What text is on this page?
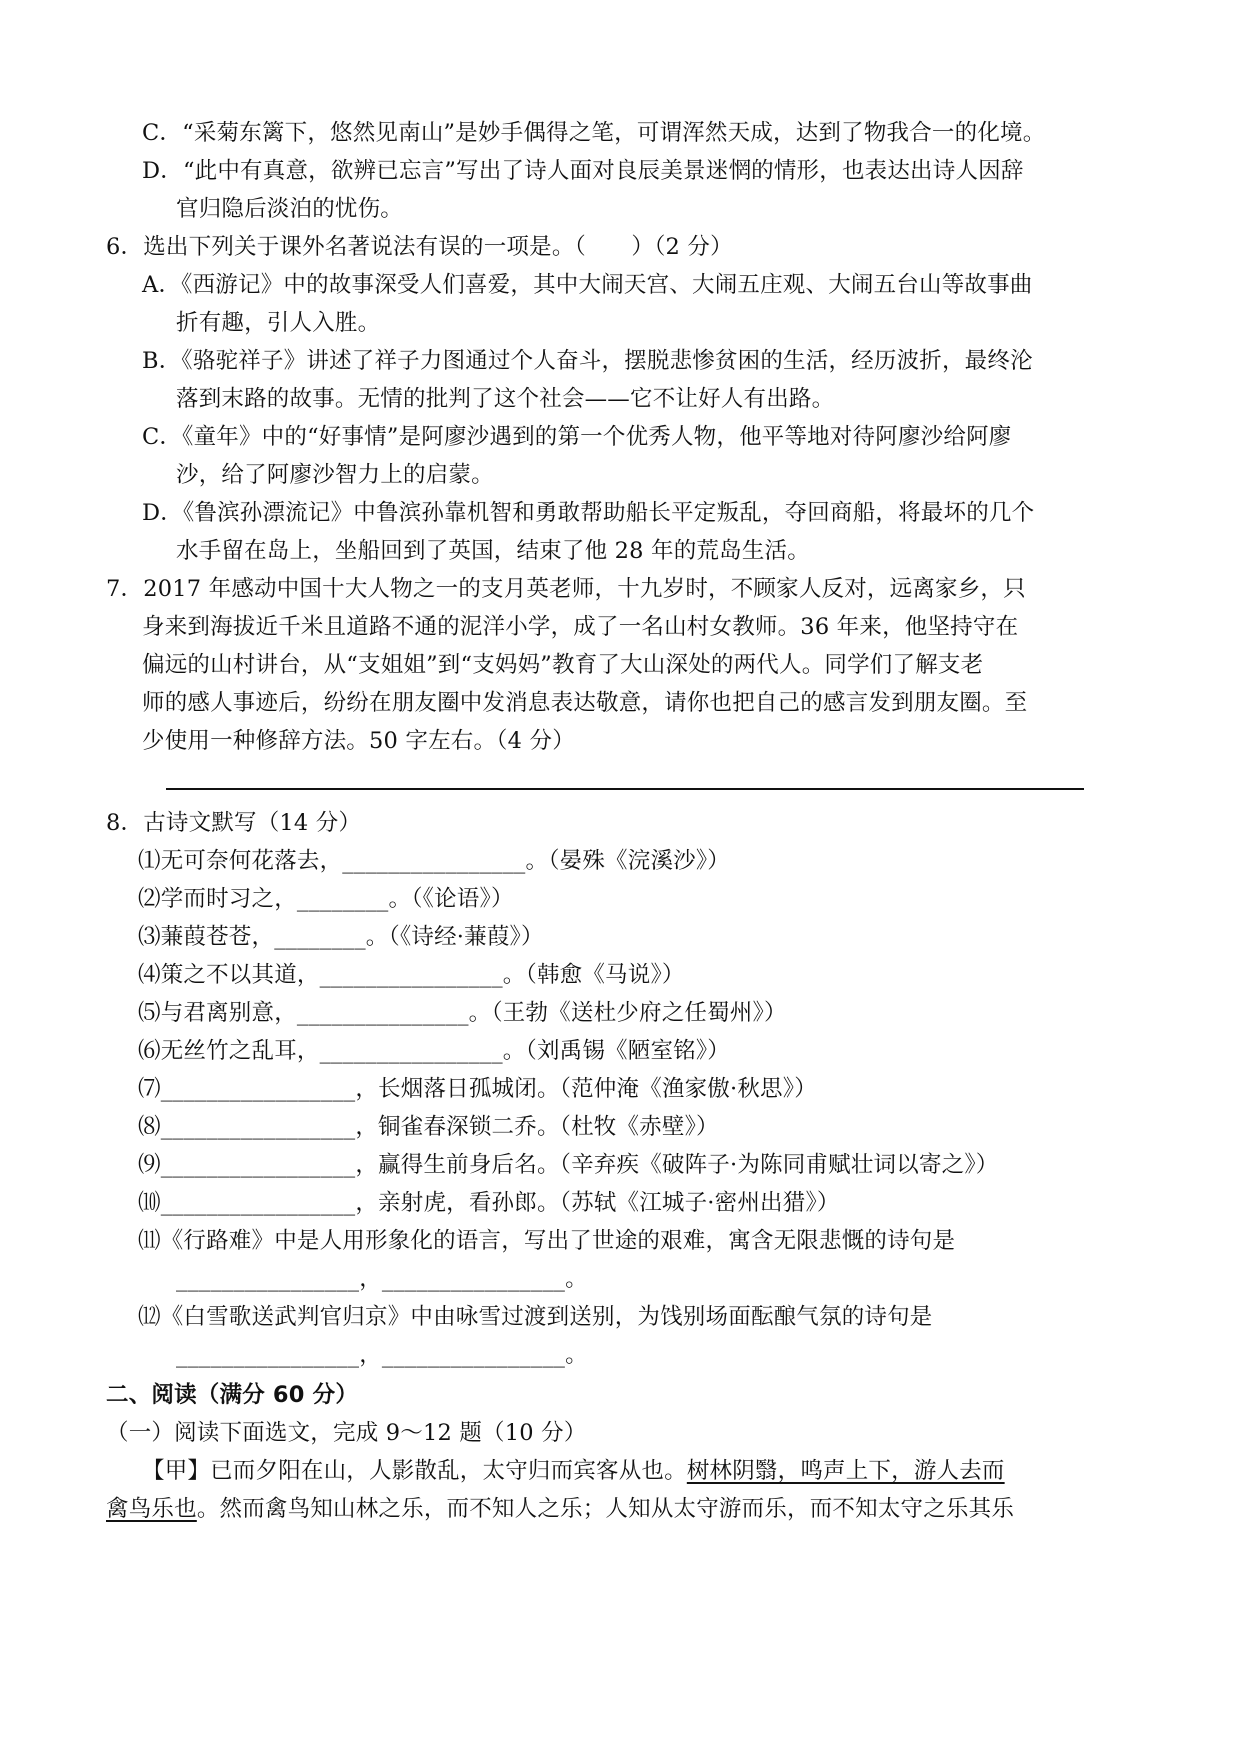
C．“采菊东篱下，悠然见南山”是妙手偶得之笔，可谓浑然天成，达到了物我合一的化境。
D．“此中有真意，欲辨已忘言”写出了诗人面对良辰美景迷惘的情形，也表达出诗人因辞
官归隐后淡泊的忧伤。
6．选出下列关于课外名著说法有误的一项是。（　　）（2 分）
A．《西游记》中的故事深受人们喜爱，其中大闹天宫、大闹五庄观、大闹五台山等故事曲
折有趣，引人入胜。
B．《骆驼祥子》讲述了祥子力图通过个人奋斗，摆脱悲惨贫困的生活，经历波折，最终沦
落到末路的故事。无情的批判了这个社会——它不让好人有出路。
C．《童年》中的“好事情”是阿廖沙遇到的第一个优秀人物，他平等地对待阿廖沙给阿廖
沙，给了阿廖沙智力上的启蒙。
D．《鲁滨孙漂流记》中鲁滨孙靠机智和勇敢帮助船长平定叛乱，夺回商船，将最坏的几个
水手留在岛上，坐船回到了英国，结束了他 28 年的荒岛生活。
7．2017 年感动中国十大人物之一的支月英老师，十九岁时，不顾家人反对，远离家乡，只
身来到海拔近千米且道路不通的泥洋小学，成了一名山村女教师。36 年来，他坚持守在
偏远的山村讲台，从“支姐姐”到“支妈妈”教育了大山深处的两代人。同学们了解支老
师的感人事迹后，纷纷在朋友圈中发消息表达敬意，请你也把自己的感言发到朋友圈。至
少使用一种修辞方法。50 字左右。（4 分）
8．古诗文默写（14 分）
⑴无可奈何花落去，________________。（晏殊《浣溪沙》）
⑵学而时习之，________。（《论语》）
⑶蒹葭苍苍，________。（《诗经·蒹葭》）
⑷策之不以其道，________________。（韩愈《马说》）
⑸与君离别意，_______________。（王勃《送杜少府之任蜀州》）
⑹无丝竹之乱耳，________________。（刘禹锡《陋室铭》）
⑺_________________，长烟落日孤城闭。（范仲淹《渔家傲·秋思》）
⑻_________________，铜雀春深锁二乔。（杜牧《赤壁》）
⑼_________________，赢得生前身后名。（辛弃疾《破阵子·为陈同甫赋壮词以寄之》）
⑽_________________，亲射虎，看孙郎。（苏轼《江城子·密州出猎》）
⑾《行路难》中是人用形象化的语言，写出了世途的艰难，寓含无限悲慨的诗句是
________________，________________。
⑿《白雪歌送武判官归京》中由咏雪过渡到送别，为饯别场面酝酿气氛的诗句是
________________，________________。
二、阅读（满分 60 分）
（一）阅读下面选文，完成 9～12 题（10 分）
【甲】已而夕阳在山，人影散乱，太守归而宾客从也。树林阴翳，鸣声上下，游人去而
禽鸟乐也。然而禽鸟知山林之乐，而不知人之乐；人知从太守游而乐，而不知太守之乐其乐
